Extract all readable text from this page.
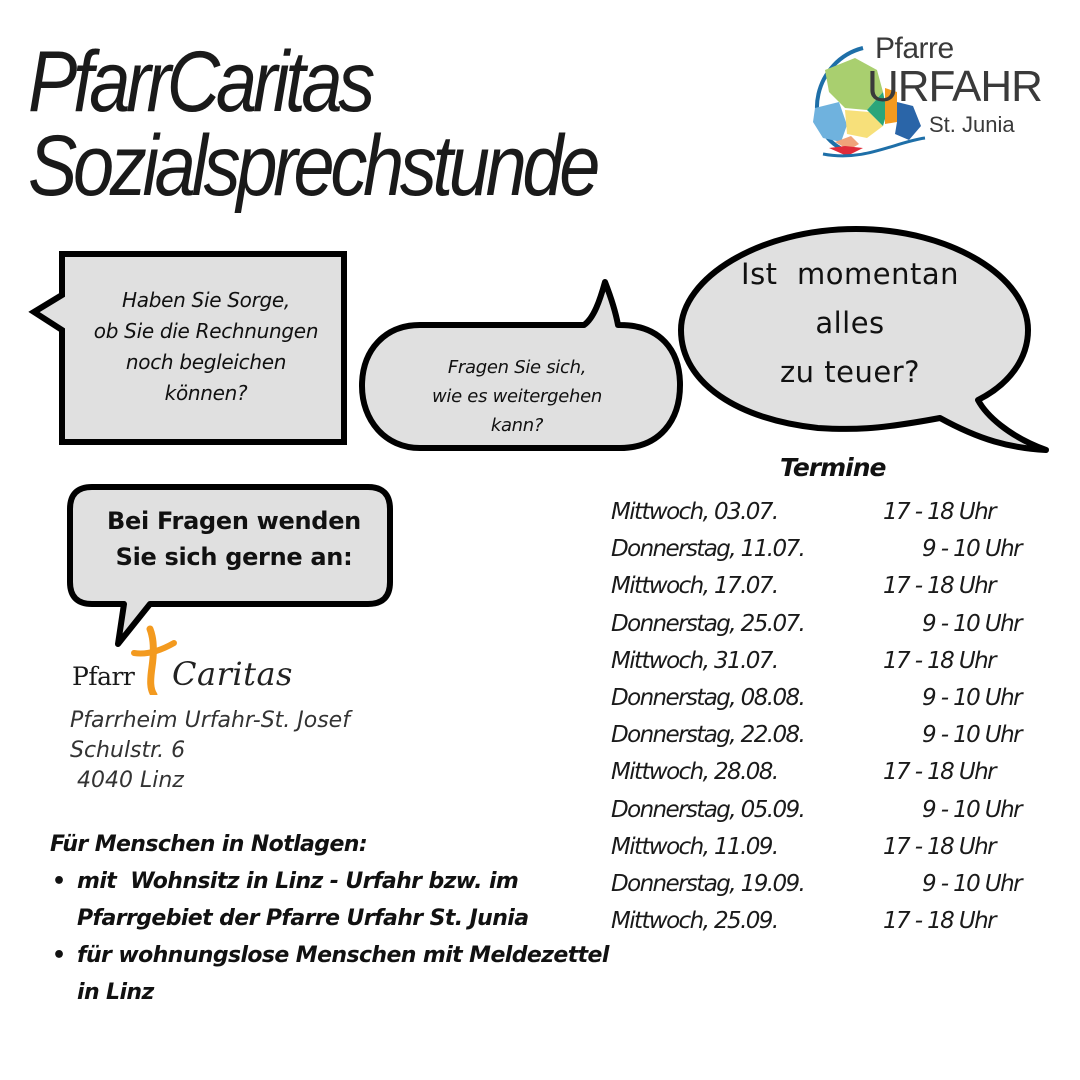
PfarrCaritas
Sozialsprechstunde
Pfarre
URFAHR
St. Junia
Haben Sie Sorge,
ob Sie die Rechnungen
noch begleichen
können?
Fragen Sie sich,
wie es weitergehen
kann?
Ist  momentan
alles
zu teuer?
Bei Fragen wenden
Sie sich gerne an:
Pfarr Caritas
Pfarrheim Urfahr-St. Josef
Schulstr. 6
4040 Linz
Für Menschen in Notlagen:
• mit  Wohnsitz in Linz - Urfahr bzw. im Pfarrgebiet der Pfarre Urfahr St. Junia
• für wohnungslose Menschen mit Meldezettel in Linz
Termine
Mittwoch, 03.07.	17 - 18 Uhr
Donnerstag, 11.07.	9 - 10 Uhr
Mittwoch, 17.07.	17 - 18 Uhr
Donnerstag, 25.07.	9 - 10 Uhr
Mittwoch, 31.07.	17 - 18 Uhr
Donnerstag, 08.08.	9 - 10 Uhr
Donnerstag, 22.08.	9 - 10 Uhr
Mittwoch, 28.08.	17 - 18 Uhr
Donnerstag, 05.09.	9 - 10 Uhr
Mittwoch, 11.09.	17 - 18 Uhr
Donnerstag, 19.09.	9 - 10 Uhr
Mittwoch, 25.09.	17 - 18 Uhr
